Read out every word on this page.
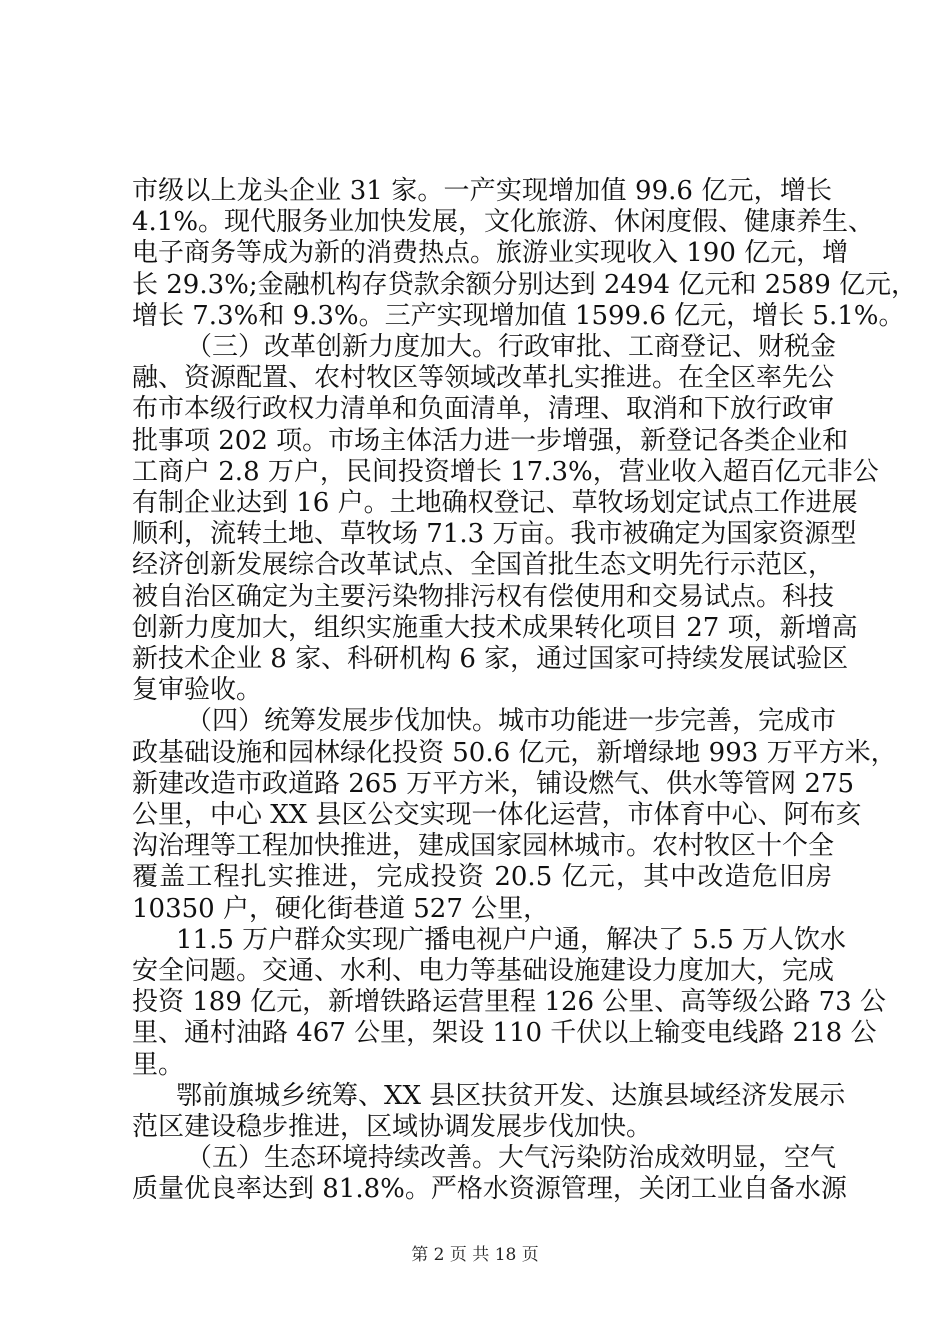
市级以上龙头企业 31 家。一产实现增加值 99.6 亿元，增长
4.1%。现代服务业加快发展，文化旅游、休闲度假、健康养生、
电子商务等成为新的消费热点。旅游业实现收入 190 亿元，增
长 29.3%;金融机构存贷款余额分别达到 2494 亿元和 2589 亿元，
增长 7.3%和 9.3%。三产实现增加值 1599.6 亿元，增长 5.1%。
（三）改革创新力度加大。行政审批、工商登记、财税金
融、资源配置、农村牧区等领域改革扎实推进。在全区率先公
布市本级行政权力清单和负面清单，清理、取消和下放行政审
批事项 202 项。市场主体活力进一步增强，新登记各类企业和
工商户 2.8 万户，民间投资增长 17.3%，营业收入超百亿元非公
有制企业达到 16 户。土地确权登记、草牧场划定试点工作进展
顺利，流转土地、草牧场 71.3 万亩。我市被确定为国家资源型
经济创新发展综合改革试点、全国首批生态文明先行示范区，
被自治区确定为主要污染物排污权有偿使用和交易试点。科技
创新力度加大，组织实施重大技术成果转化项目 27 项，新增高
新技术企业 8 家、科研机构 6 家，通过国家可持续发展试验区
复审验收。
（四）统筹发展步伐加快。城市功能进一步完善，完成市
政基础设施和园林绿化投资 50.6 亿元，新增绿地 993 万平方米，
新建改造市政道路 265 万平方米，铺设燃气、供水等管网 275
公里，中心 XX 县区公交实现一体化运营，市体育中心、阿布亥
沟治理等工程加快推进，建成国家园林城市。农村牧区十个全
覆盖工程扎实推进，完成投资 20.5 亿元，其中改造危旧房
10350 户，硬化街巷道 527 公里，
11.5 万户群众实现广播电视户户通，解决了 5.5 万人饮水
安全问题。交通、水利、电力等基础设施建设力度加大，完成
投资 189 亿元，新增铁路运营里程 126 公里、高等级公路 73 公
里、通村油路 467 公里，架设 110 千伏以上输变电线路 218 公
里。
鄂前旗城乡统筹、XX 县区扶贫开发、达旗县域经济发展示
范区建设稳步推进，区域协调发展步伐加快。
（五）生态环境持续改善。大气污染防治成效明显，空气
质量优良率达到 81.8%。严格水资源管理，关闭工业自备水源
第 2 页 共 18 页
